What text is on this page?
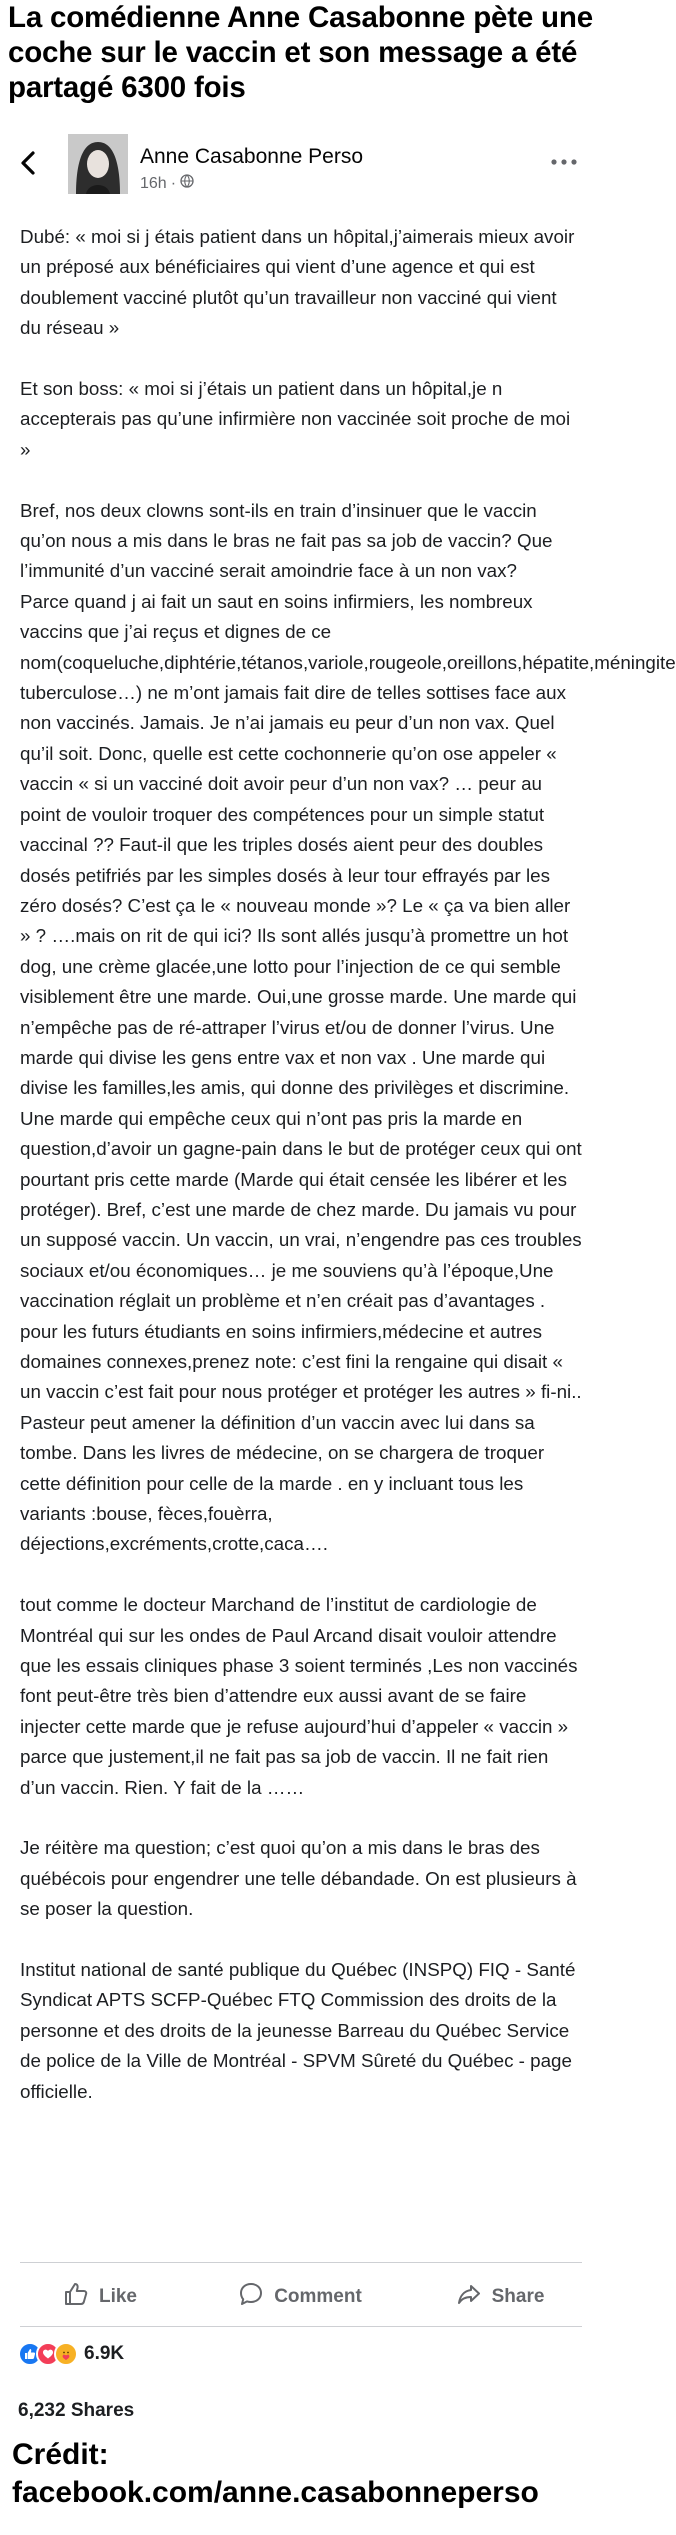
La comédienne Anne Casabonne pète une coche sur le vaccin et son message a été partagé 6300 fois
Anne Casabonne Perso
16h ·

Dubé: « moi si j étais patient dans un hôpital,j’aimerais mieux avoir un préposé aux bénéficiaires qui vient d’une agence et qui est doublement vacciné plutôt qu’un travailleur non vacciné qui vient du réseau »

Et son boss: « moi si j’étais un patient dans un hôpital,je n accepterais pas qu’une infirmière non vaccinée soit proche de moi »

Bref, nos deux clowns sont-ils en train d’insinuer que le vaccin qu’on nous a mis dans le bras ne fait pas sa job de vaccin? Que l’immunité d’un vacciné serait amoindrie face à un non vax?

Parce quand j ai fait un saut en soins infirmiers, les nombreux vaccins que j’ai reçus et dignes de ce nom(coqueluche,diphtérie,tétanos,variole,rougeole,oreillons,hépatite,méningite tuberculose…) ne m’ont jamais fait dire de telles sottises face aux non vaccinés. Jamais. Je n’ai jamais eu peur d’un non vax. Quel qu’il soit. Donc, quelle est cette cochonnerie qu’on ose appeler « vaccin « si un vacciné doit avoir peur d’un non vax? … peur au point de vouloir troquer des compétences pour un simple statut vaccinal ?? Faut-il que les triples dosés aient peur des doubles dosés petifriés par les simples dosés à leur tour effrayés par les zéro dosés? C’est ça le « nouveau monde »? Le « ça va bien aller » ? ….mais on rit de qui ici? Ils sont allés jusqu’à promettre un hot dog, une crème glacée,une lotto pour l’injection de ce qui semble visiblement être une marde. Oui,une grosse marde. Une marde qui n’empêche pas de ré-attraper l’virus et/ou de donner l’virus. Une marde qui divise les gens entre vax et non vax . Une marde qui divise les familles,les amis, qui donne des privilèges et discrimine. Une marde qui empêche ceux qui n’ont pas pris la marde en question,d’avoir un gagne-pain dans le but de protéger ceux qui ont pourtant pris cette marde (Marde qui était censée les libérer et les protéger). Bref, c’est une marde de chez marde. Du jamais vu pour un supposé vaccin. Un vaccin, un vrai, n’engendre pas ces troubles sociaux et/ou économiques… je me souviens qu’à l’époque,Une vaccination réglait un problème et n’en créait pas d’avantages .

pour les futurs étudiants en soins infirmiers,médecine et autres domaines connexes,prenez note: c’est fini la rengaine qui disait « un vaccin c’est fait pour nous protéger et protéger les autres » fi-ni.. Pasteur peut amener la définition d’un vaccin avec lui dans sa tombe. Dans les livres de médecine, on se chargera de troquer cette définition pour celle de la marde . en y incluant tous les variants :bouse, fèces,fouèrra, déjections,excréments,crotte,caca….

tout comme le docteur Marchand de l’institut de cardiologie de Montréal qui sur les ondes de Paul Arcand disait vouloir attendre que les essais cliniques phase 3 soient terminés ,Les non vaccinés font peut-être très bien d’attendre eux aussi avant de se faire injecter cette marde que je refuse aujourd’hui d’appeler « vaccin » parce que justement,il ne fait pas sa job de vaccin. Il ne fait rien d’un vaccin. Rien. Y fait de la ……

Je réitère ma question; c’est quoi qu’on a mis dans le bras des québécois pour engendrer une telle débandade. On est plusieurs à se poser la question.

Institut national de santé publique du Québec (INSPQ) FIQ - Santé Syndicat APTS SCFP-Québec FTQ Commission des droits de la personne et des droits de la jeunesse Barreau du Québec Service de police de la Ville de Montréal - SPVM Sûreté du Québec - page officielle.

Like	Comment	Share
6.9K
6,232 Shares
Crédit:
facebook.com/anne.casabonneperso
